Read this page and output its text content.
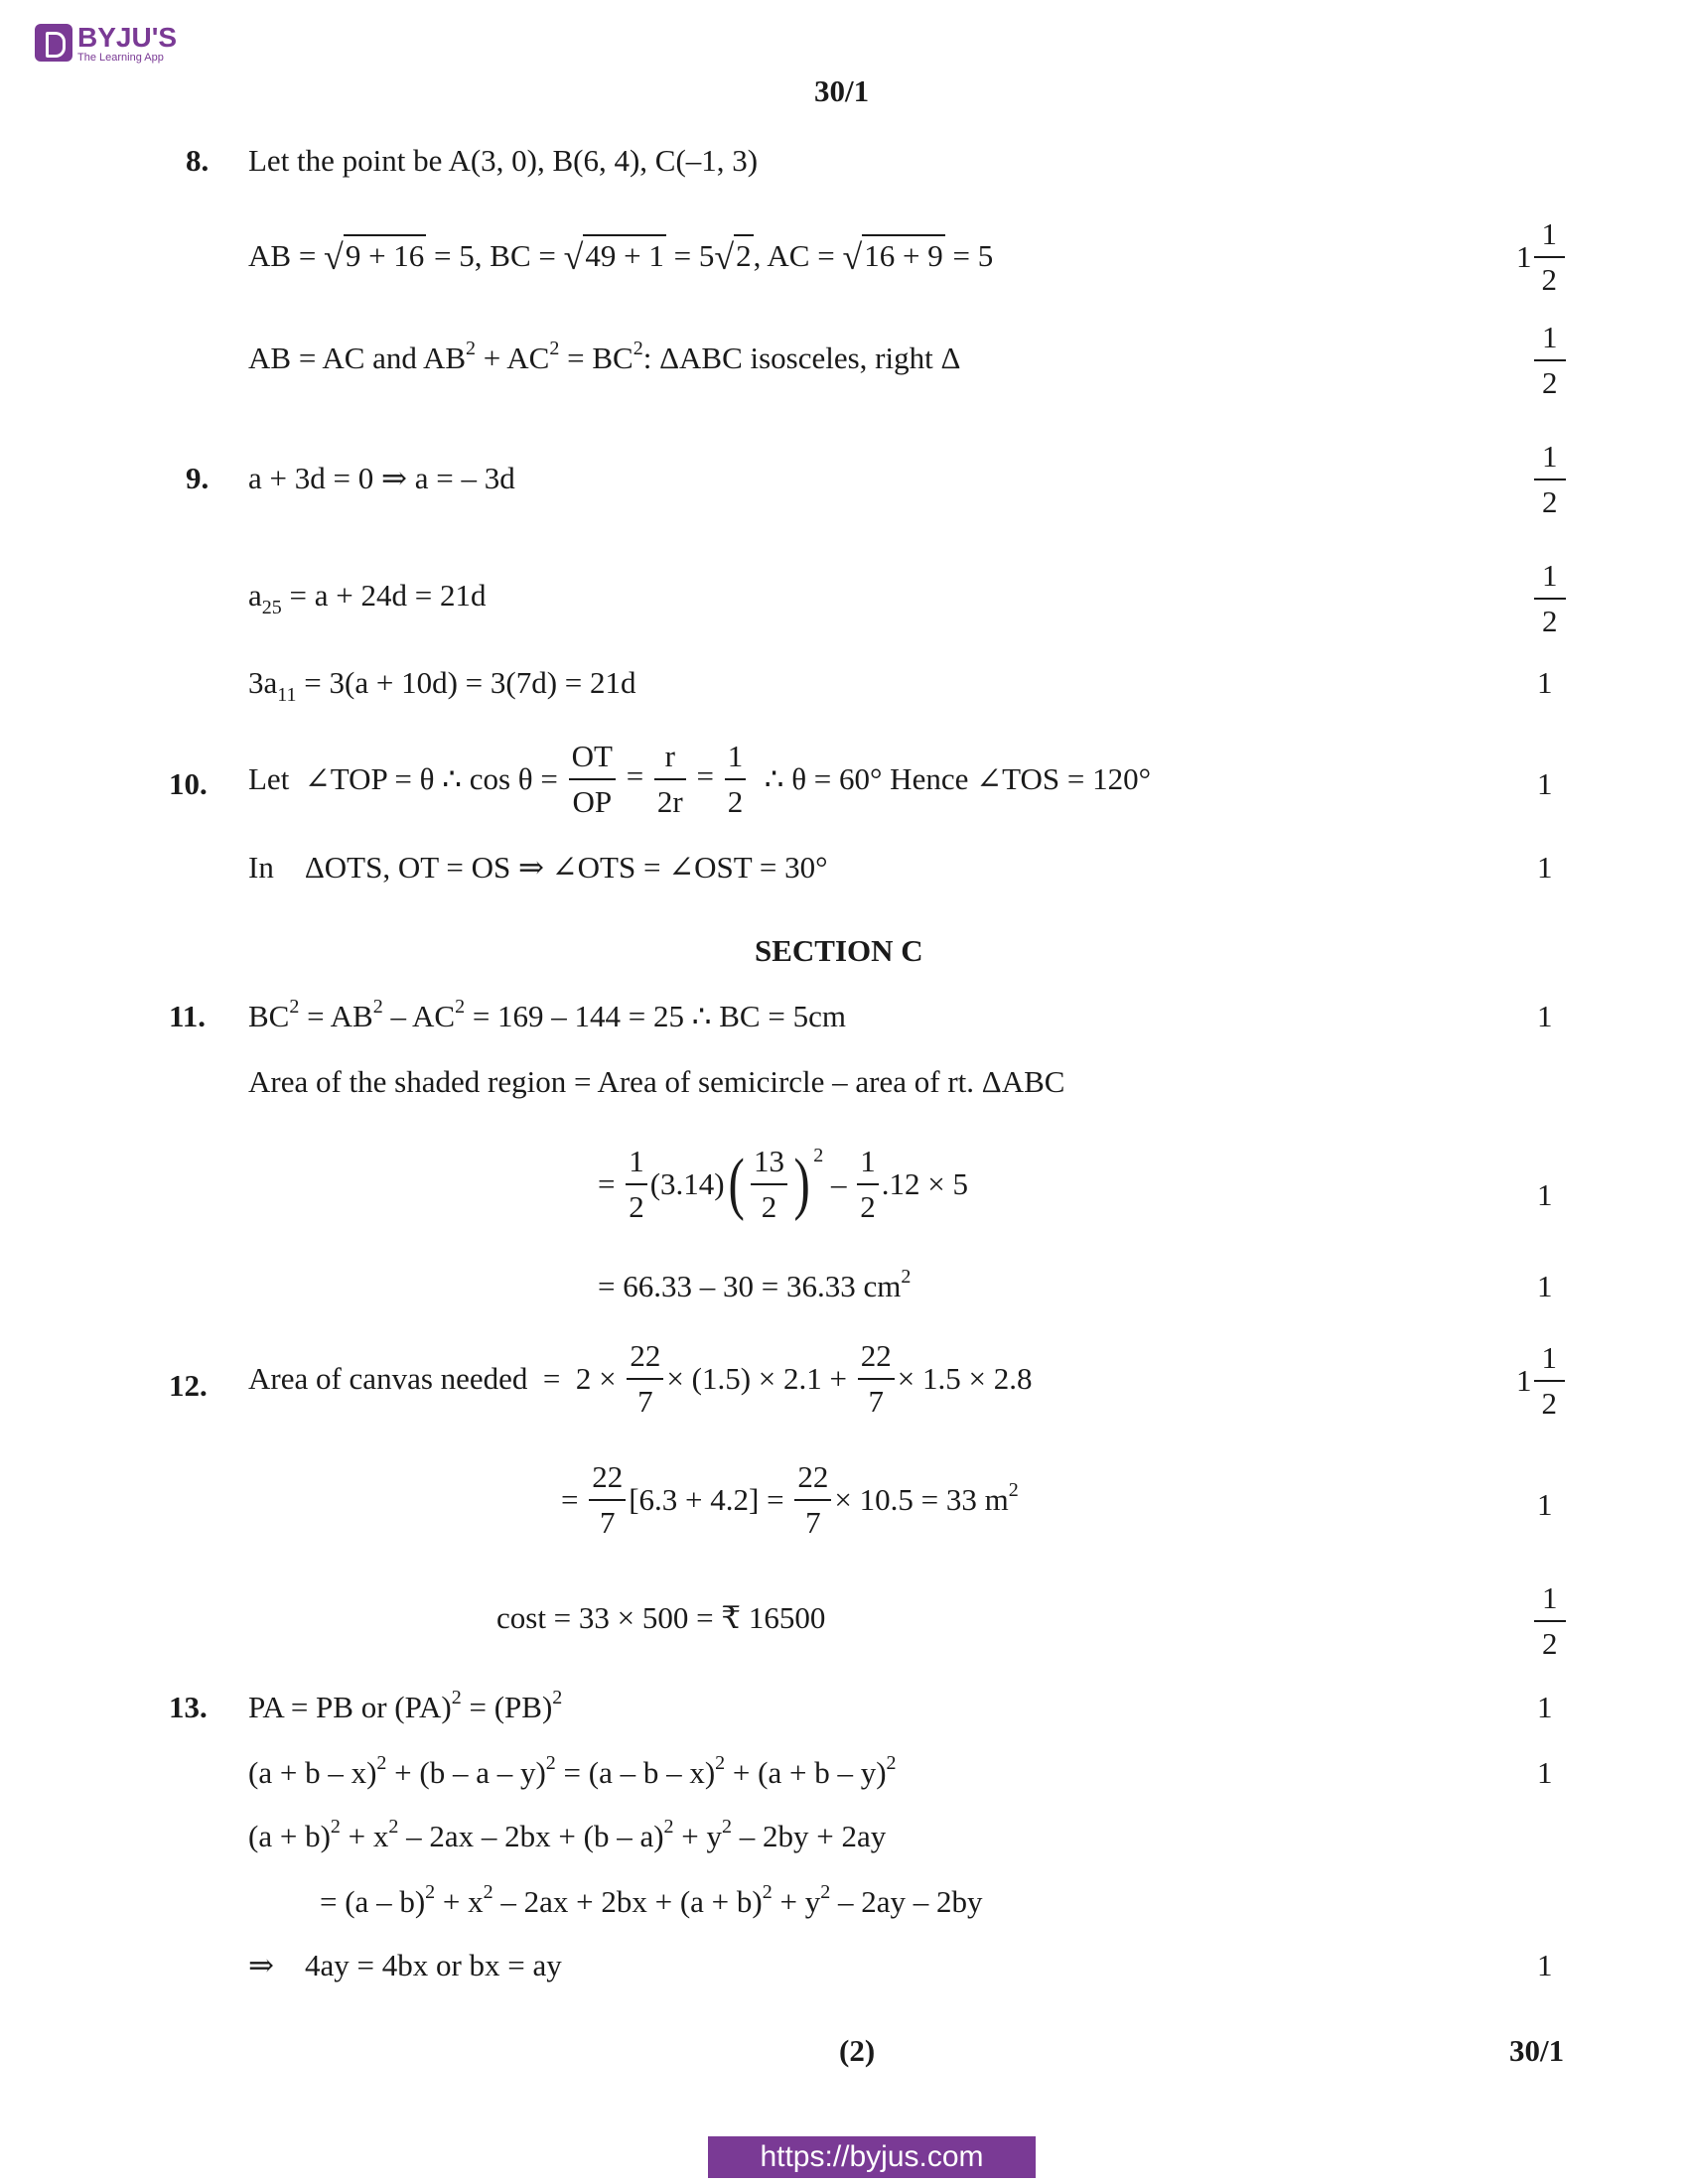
BYJU'S
The Learning App
30/1
8. Let the point be A(3, 0), B(6, 4), C(–1, 3)
AB = √9 + 16 = 5, BC = √49 + 1 = 5√2, AC = √16 + 9 = 5	$1 \frac{1}{2}$
AB = AC and $AB^2 + AC^2 = BC^2$: ΔABC isosceles, right Δ	$\frac{1}{2}$
9. a + 3d = 0 ⇒ a = – 3d	$\frac{1}{2}$
$a_{25} = a + 24d = 21d$	$\frac{1}{2}$
$3a_{11} = 3(a + 10d) = 3(7d) = 21d$	1
10. Let  ∠TOP = θ ∴ $\cos \theta = \frac{OT}{OP} = \frac{r}{2r} = \frac{1}{2}$ ∴ θ = 60° Hence ∠TOS = 120°	1
In    ΔOTS, OT = OS ⇒ ∠OTS = ∠OST = 30°	1
SECTION C
11. $BC^2 = AB^2 - AC^2 = 169 - 144 = 25$ ∴ BC = 5cm	1
Area of the shaded region = Area of semicircle – area of rt. ΔABC
= $\frac{1}{2} (3.14)( \frac{13}{2}$ ) $^2 - \frac{1}{2} .12 \times 5$	1
= 66.33 – 30 = 36.33 $cm^2$	1
12. Area of canvas needed  =  $2 \times \frac{22}{7} \times (1.5) \times 2.1 + \frac{22}{7} \times 1.5 \times 2.8$	$1 \frac{1}{2}$
= $\frac{22}{7} [6.3 + 4.2] = \frac{22}{7} \times 10.5 = 33$ $m^2$	1
cost = 33 × 500 = ₹ 16500	$\frac{1}{2}$
13. PA = PB or (PA)$^2$ = (PB)$^2$	1
$(a + b - x)^2 + (b - a - y)^2 = (a - b - x)^2 + (a + b - y)^2$	1
$(a + b)^2 + x^2 - 2ax - 2bx + (b - a)^2 + y^2 - 2by + 2ay$
= $(a - b)^2 + x^2 - 2ax + 2bx + (a + b)^2 + y^2 - 2ay - 2by$
⇒    4ay = 4bx or bx = ay	1
(2)	30/1
https://byjus.com
